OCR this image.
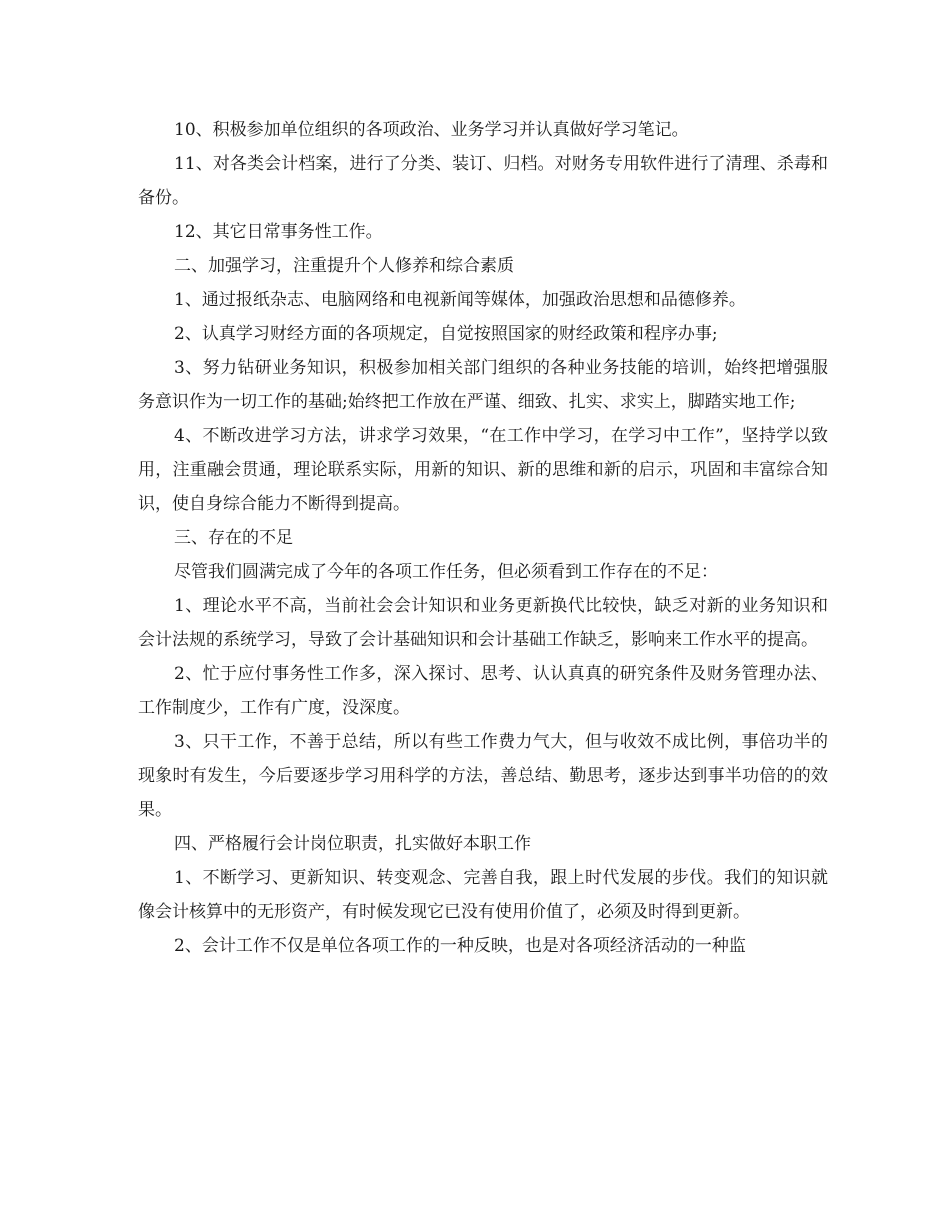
10、积极参加单位组织的各项政治、业务学习并认真做好学习笔记。

11、对各类会计档案，进行了分类、装订、归档。对财务专用软件进行了清理、杀毒和备份。

12、其它日常事务性工作。

二、加强学习，注重提升个人修养和综合素质

1、通过报纸杂志、电脑网络和电视新闻等媒体，加强政治思想和品德修养。

2、认真学习财经方面的各项规定，自觉按照国家的财经政策和程序办事;

3、努力钻研业务知识，积极参加相关部门组织的各种业务技能的培训，始终把增强服务意识作为一切工作的基础;始终把工作放在严谨、细致、扎实、求实上，脚踏实地工作;

4、不断改进学习方法，讲求学习效果，“在工作中学习，在学习中工作”，坚持学以致用，注重融会贯通，理论联系实际，用新的知识、新的思维和新的启示，巩固和丰富综合知识，使自身综合能力不断得到提高。

三、存在的不足

尽管我们圆满完成了今年的各项工作任务，但必须看到工作存在的不足：

1、理论水平不高，当前社会会计知识和业务更新换代比较快，缺乏对新的业务知识和会计法规的系统学习，导致了会计基础知识和会计基础工作缺乏，影响来工作水平的提高。

2、忙于应付事务性工作多，深入探讨、思考、认认真真的研究条件及财务管理办法、工作制度少，工作有广度，没深度。

3、只干工作，不善于总结，所以有些工作费力气大，但与收效不成比例，事倍功半的现象时有发生，今后要逐步学习用科学的方法，善总结、勤思考，逐步达到事半功倍的的效果。

四、严格履行会计岗位职责，扎实做好本职工作

1、不断学习、更新知识、转变观念、完善自我，跟上时代发展的步伐。我们的知识就像会计核算中的无形资产，有时候发现它已没有使用价值了，必须及时得到更新。

2、会计工作不仅是单位各项工作的一种反映，也是对各项经济活动的一种监
